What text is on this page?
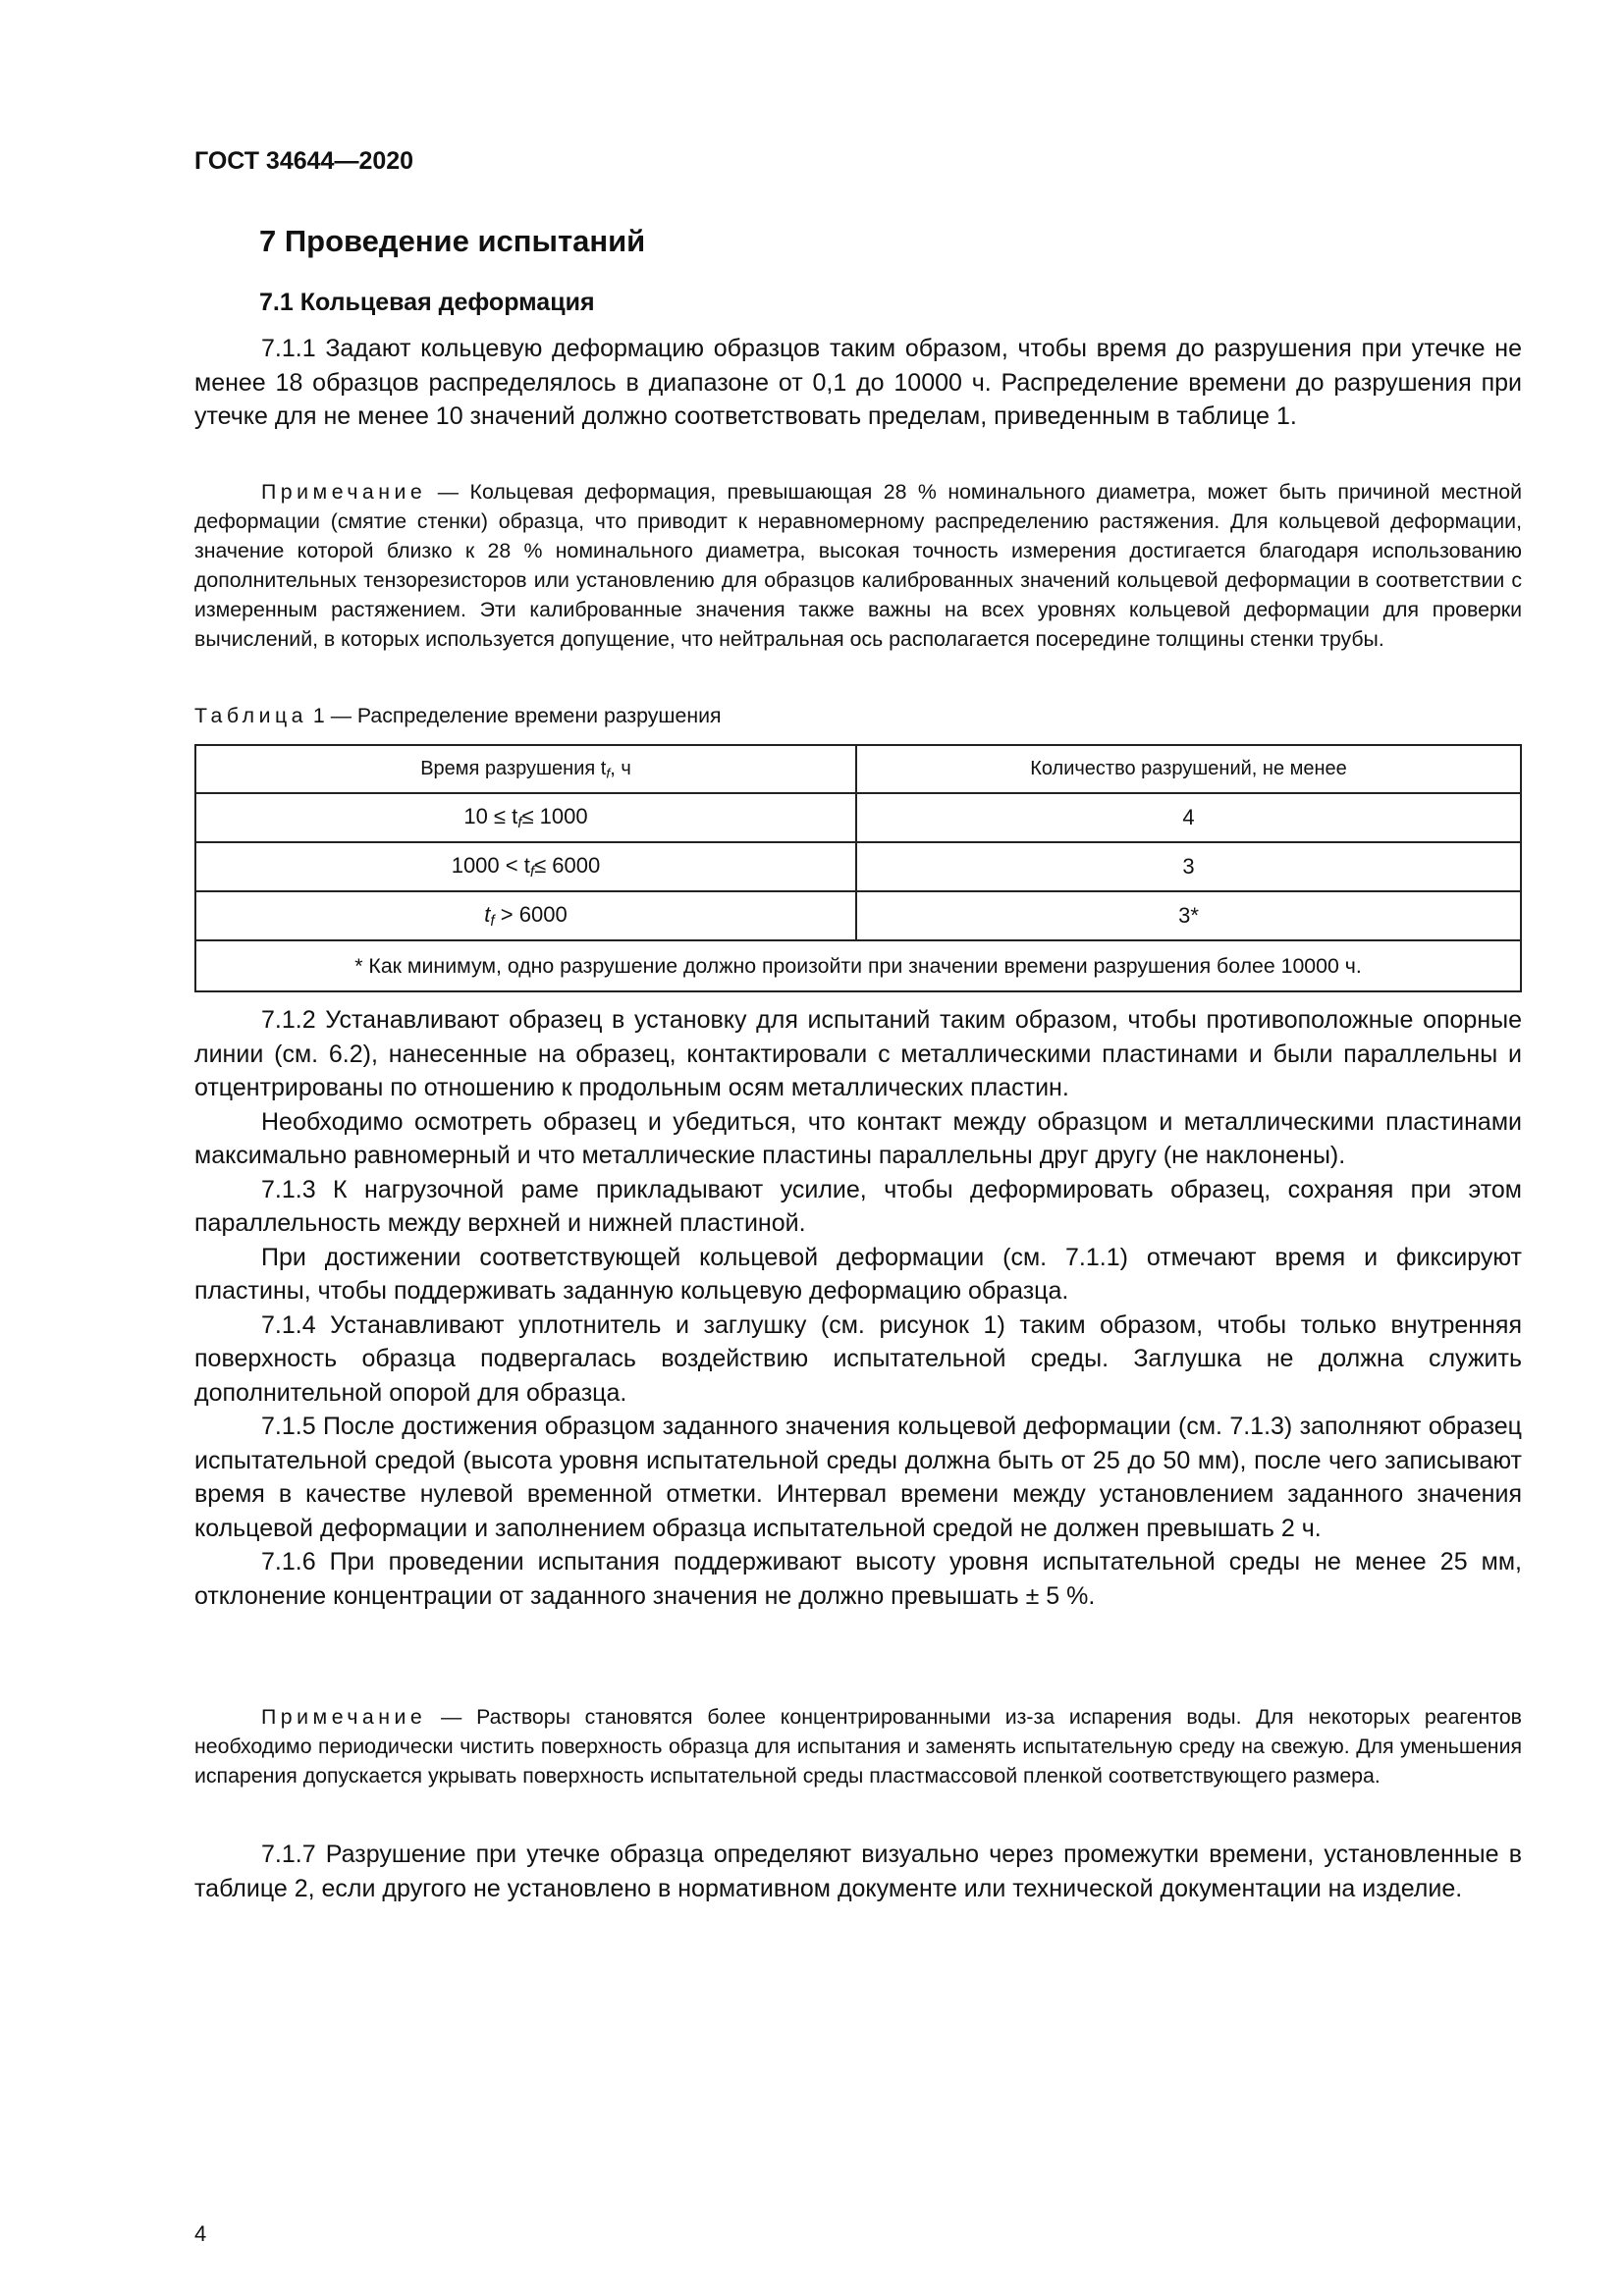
ГОСТ 34644—2020
7 Проведение испытаний
7.1 Кольцевая деформация

7.1.1 Задают кольцевую деформацию образцов таким образом, чтобы время до разрушения при утечке не менее 18 образцов распределялось в диапазоне от 0,1 до 10000 ч. Распределение времени до разрушения при утечке для не менее 10 значений должно соответствовать пределам, приведенным в таблице 1.

Примечание — Кольцевая деформация, превышающая 28 % номинального диаметра, может быть причиной местной деформации (смятие стенки) образца, что приводит к неравномерному распределению растяжения. Для кольцевой деформации, значение которой близко к 28 % номинального диаметра, высокая точность измерения достигается благодаря использованию дополнительных тензорезисторов или установлению для образцов калиброванных значений кольцевой деформации в соответствии с измеренным растяжением. Эти калиброванные значения также важны на всех уровнях кольцевой деформации для проверки вычислений, в которых используется допущение, что нейтральная ось располагается посередине толщины стенки трубы.

Таблица 1 — Распределение времени разрушения
Время разрушения $t_f$, ч	Количество разрушений, не менее
$10 \le t_f\le 1000$	4
$1000 < t_f\le 6000$	3
$t_f > 6000$	3*
* Как минимум, одно разрушение должно произойти при значении времени разрушения более 10000 ч.	

7.1.2 Устанавливают образец в установку для испытаний таким образом, чтобы противоположные опорные линии (см. 6.2), нанесенные на образец, контактировали с металлическими пластинами и были параллельны и отцентрированы по отношению к продольным осям металлических пластин.

Необходимо осмотреть образец и убедиться, что контакт между образцом и металлическими пластинами максимально равномерный и что металлические пластины параллельны друг другу (не наклонены).

7.1.3 К нагрузочной раме прикладывают усилие, чтобы деформировать образец, сохраняя при этом параллельность между верхней и нижней пластиной.

При достижении соответствующей кольцевой деформации (см. 7.1.1) отмечают время и фиксируют пластины, чтобы поддерживать заданную кольцевую деформацию образца.

7.1.4 Устанавливают уплотнитель и заглушку (см. рисунок 1) таким образом, чтобы только внутренняя поверхность образца подвергалась воздействию испытательной среды. Заглушка не должна служить дополнительной опорой для образца.

7.1.5 После достижения образцом заданного значения кольцевой деформации (см. 7.1.3) заполняют образец испытательной средой (высота уровня испытательной среды должна быть от 25 до 50 мм), после чего записывают время в качестве нулевой временной отметки. Интервал времени между установлением заданного значения кольцевой деформации и заполнением образца испытательной средой не должен превышать 2 ч.

7.1.6 При проведении испытания поддерживают высоту уровня испытательной среды не менее 25 мм, отклонение концентрации от заданного значения не должно превышать ± 5 %.

Примечание — Растворы становятся более концентрированными из-за испарения воды. Для некоторых реагентов необходимо периодически чистить поверхность образца для испытания и заменять испытательную среду на свежую. Для уменьшения испарения допускается укрывать поверхность испытательной среды пластмассовой пленкой соответствующего размера.

7.1.7 Разрушение при утечке образца определяют визуально через промежутки времени, установленные в таблице 2, если другого не установлено в нормативном документе или технической документации на изделие.

4
